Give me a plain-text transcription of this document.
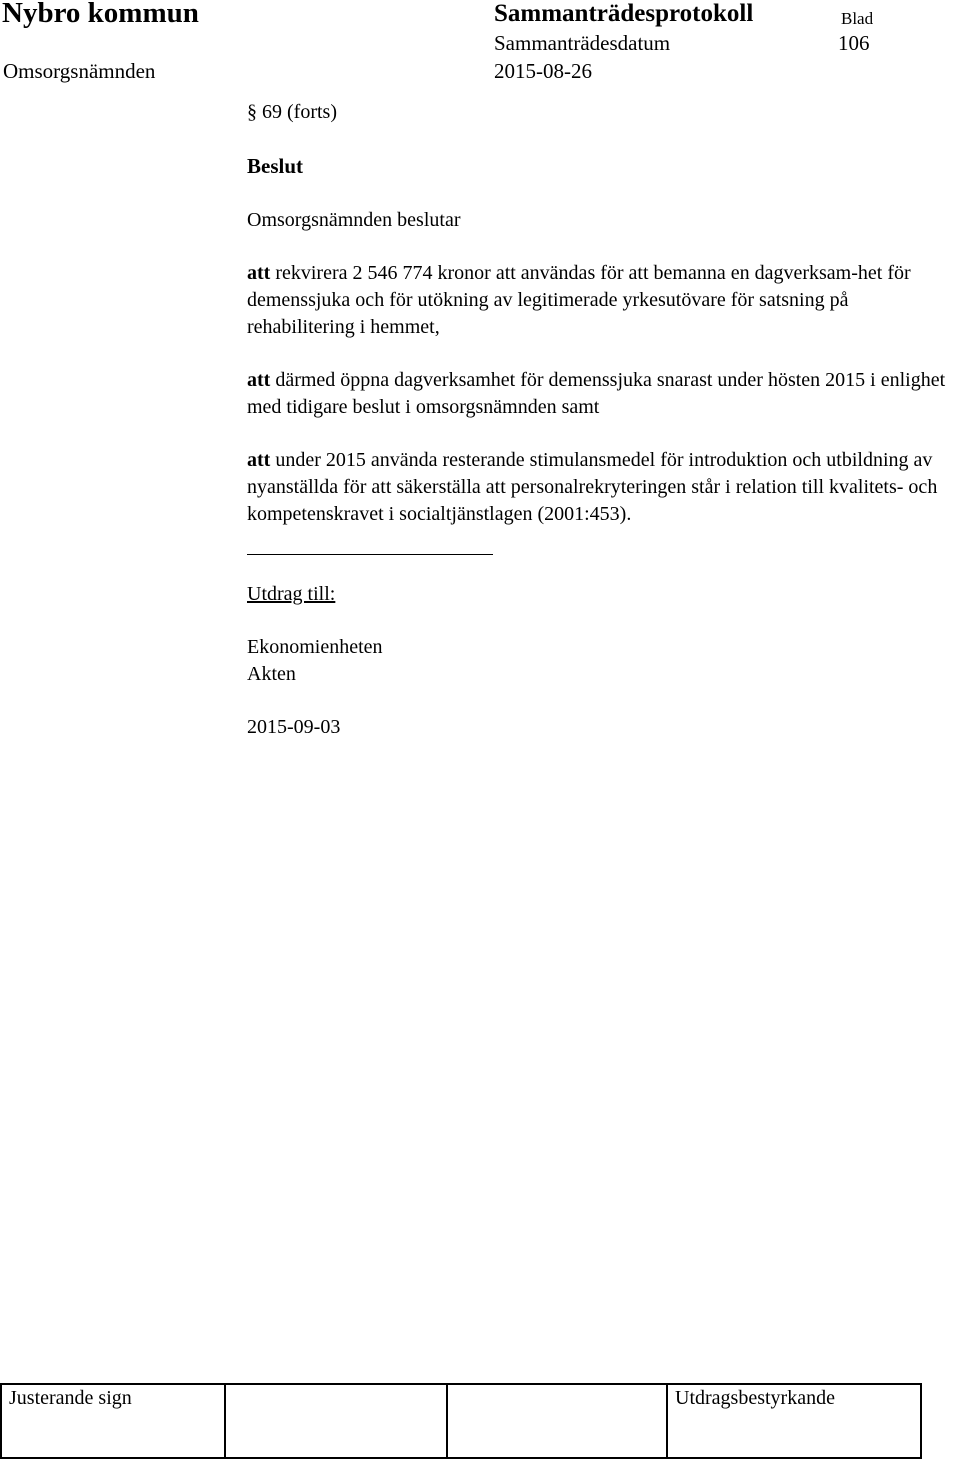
Nybro kommun	Sammanträdesprotokoll	Blad
Sammanträdesdatum	106
Omsorgsnämnden	2015-08-26
§ 69 (forts)
Beslut
Omsorgsnämnden beslutar
att rekvirera 2 546 774 kronor att användas för att bemanna en dagverksam-het för demenssjuka och för utökning av legitimerade yrkesutövare för satsning på rehabilitering i hemmet,
att därmed öppna dagverksamhet för demenssjuka snarast under hösten 2015 i enlighet med tidigare beslut i omsorgsnämnden samt
att under 2015 använda resterande stimulansmedel för introduktion och utbildning av nyanställda för att säkerställa att personalrekryteringen står i relation till kvalitets- och kompetenskravet i socialtjänstlagen (2001:453).
Utdrag till:
Ekonomienheten
Akten
2015-09-03
Justerande sign	Utdragsbestyrkande
